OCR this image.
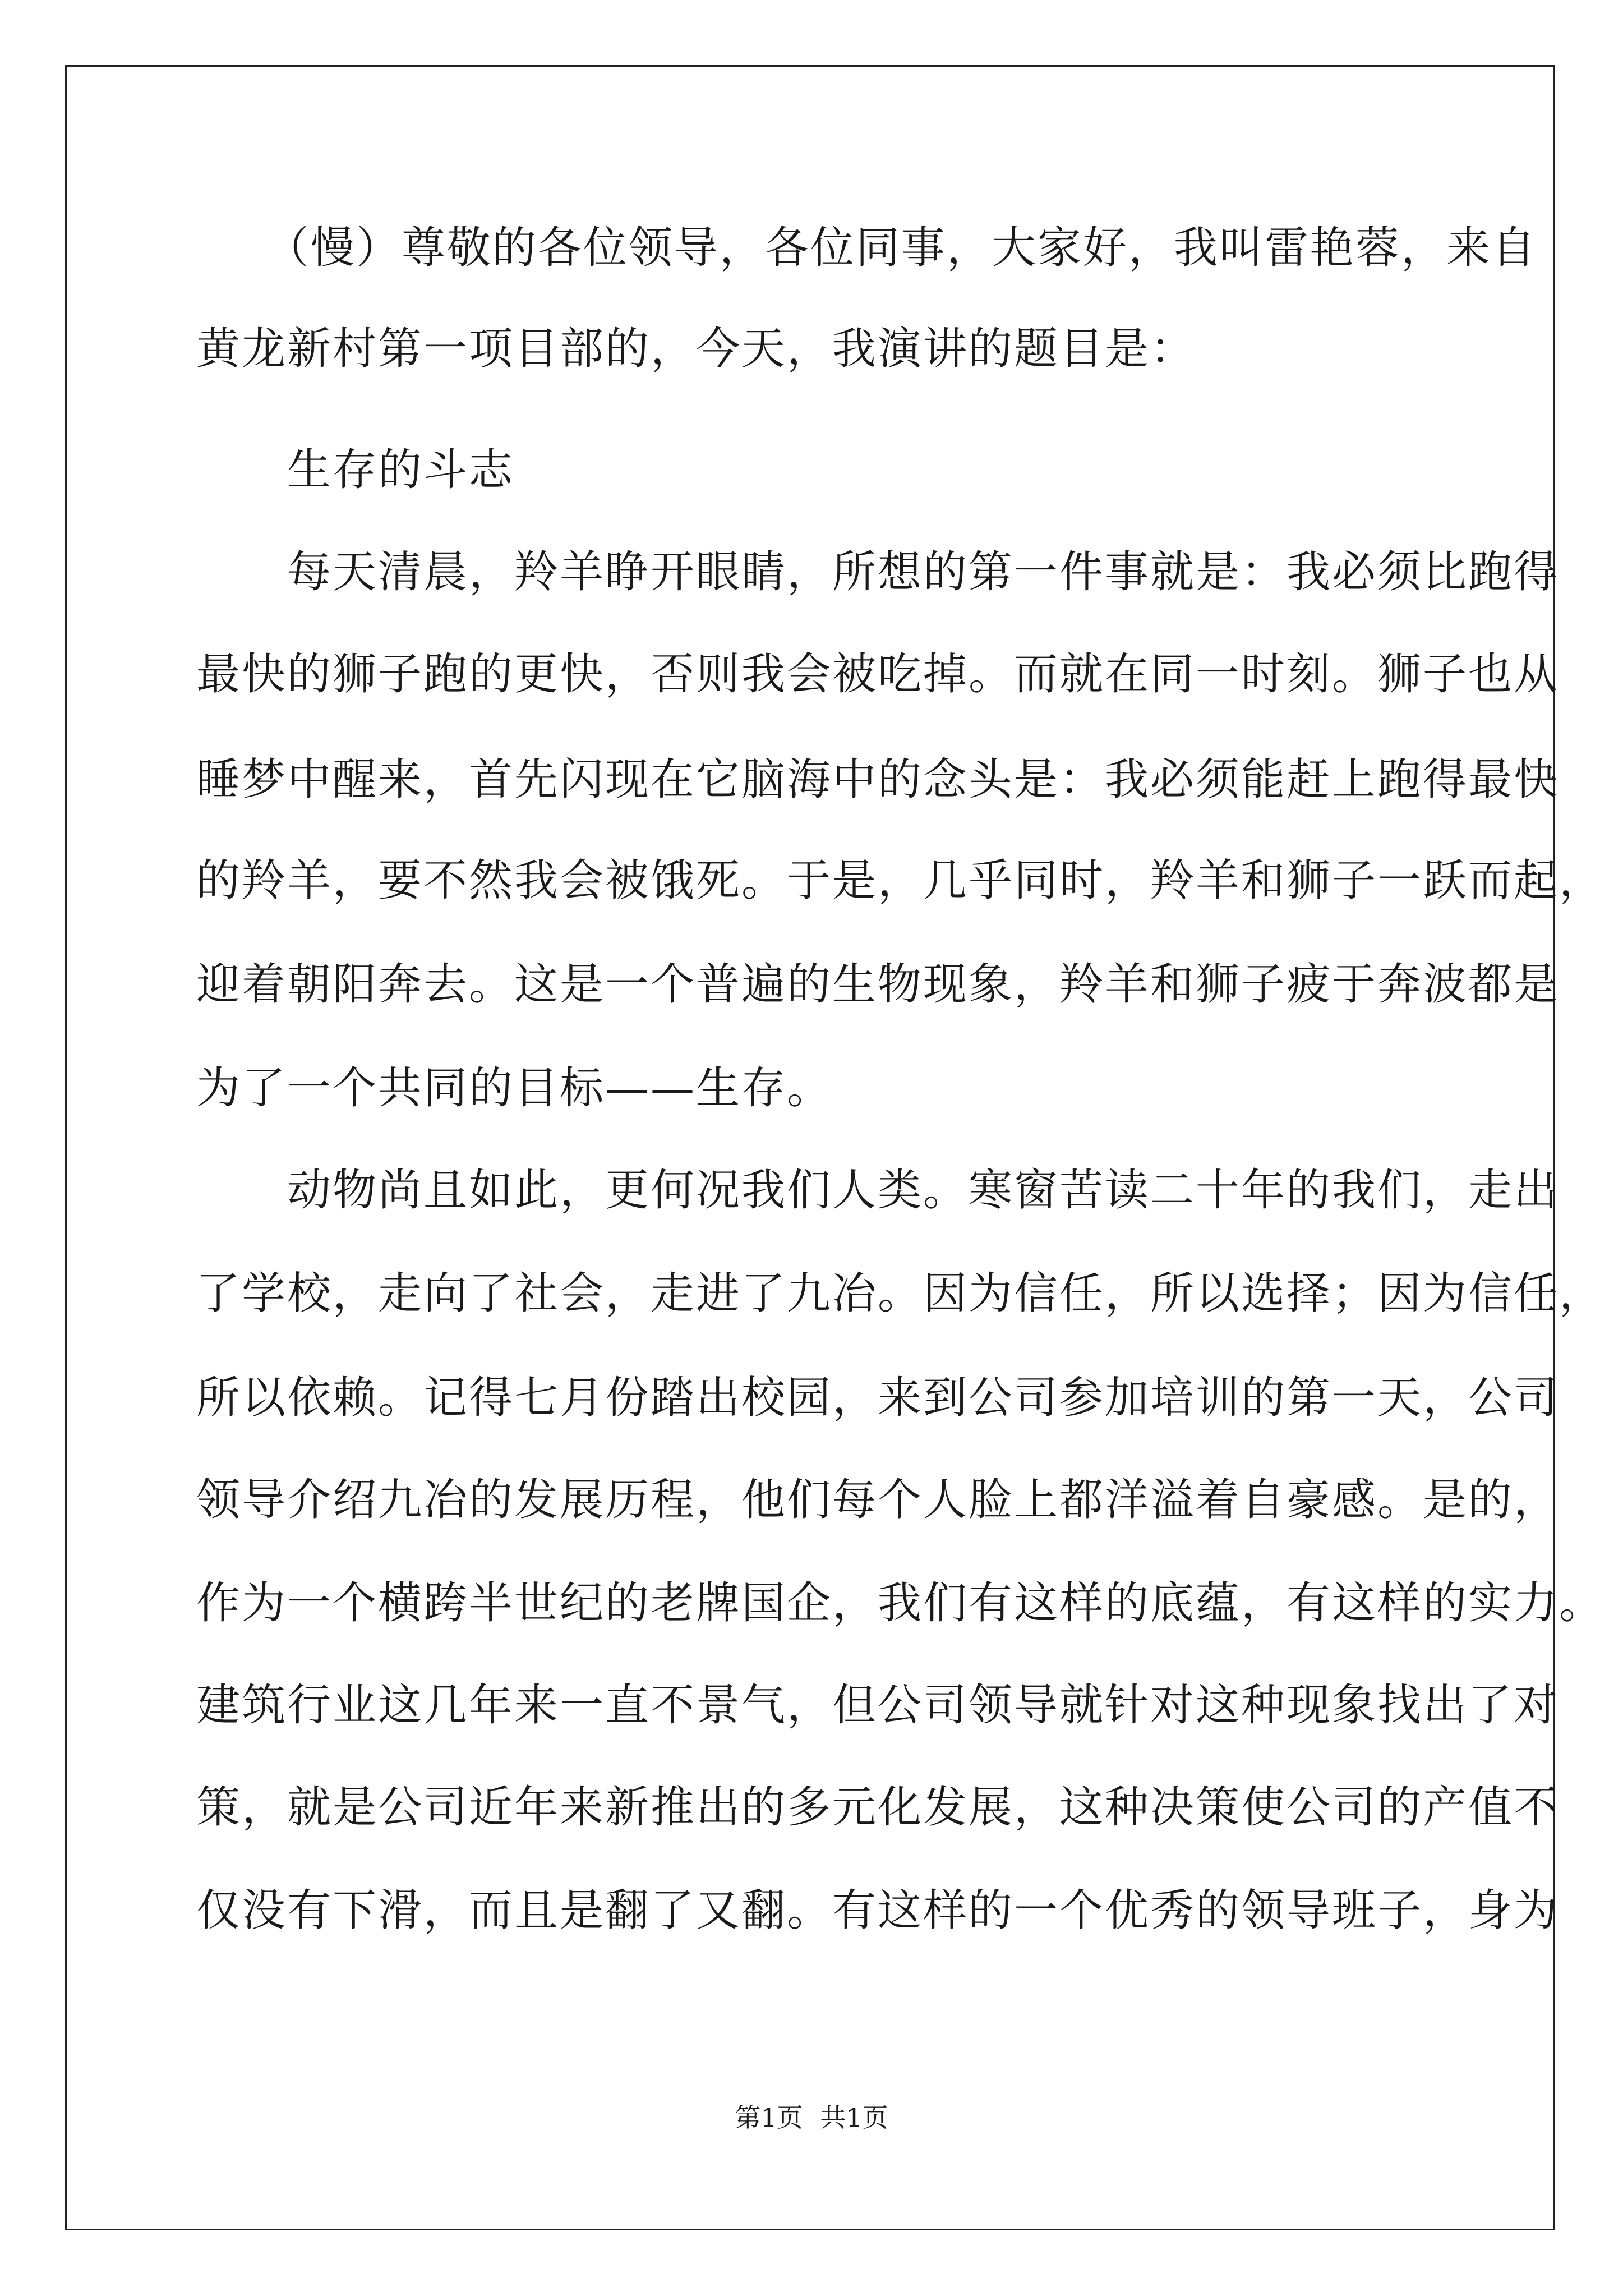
　　（慢）尊敬的各位领导，各位同事，大家好，我叫雷艳蓉，来自
黄龙新村第一项目部的，今天，我演讲的题目是：
　　生存的斗志
　　每天清晨，羚羊睁开眼睛，所想的第一件事就是：我必须比跑得
最快的狮子跑的更快，否则我会被吃掉。而就在同一时刻。狮子也从
睡梦中醒来，首先闪现在它脑海中的念头是：我必须能赶上跑得最快
的羚羊，要不然我会被饿死。于是，几乎同时，羚羊和狮子一跃而起，
迎着朝阳奔去。这是一个普遍的生物现象，羚羊和狮子疲于奔波都是
为了一个共同的目标——生存。
　　动物尚且如此，更何况我们人类。寒窗苦读二十年的我们，走出
了学校，走向了社会，走进了九冶。因为信任，所以选择；因为信任，
所以依赖。记得七月份踏出校园，来到公司参加培训的第一天，公司
领导介绍九冶的发展历程，他们每个人脸上都洋溢着自豪感。是的，
作为一个横跨半世纪的老牌国企，我们有这样的底蕴，有这样的实力。
建筑行业这几年来一直不景气，但公司领导就针对这种现象找出了对
策，就是公司近年来新推出的多元化发展，这种决策使公司的产值不
仅没有下滑，而且是翻了又翻。有这样的一个优秀的领导班子，身为
第1页 共1页
